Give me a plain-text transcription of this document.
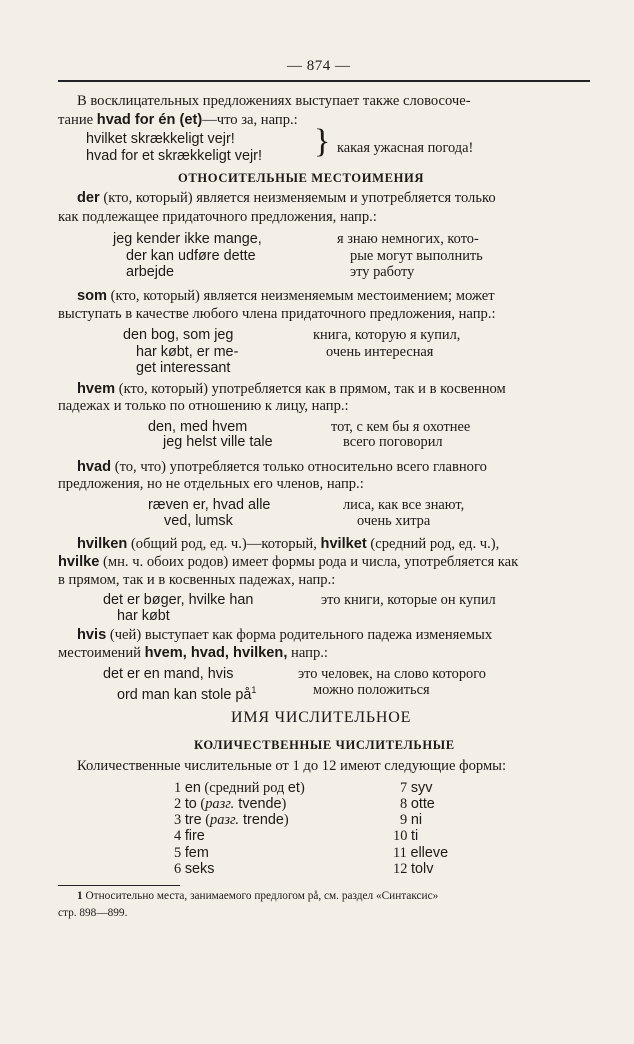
— 874 —
В восклицательных предложениях выступает также словосоче-
тание hvad for én (et)—что за, напр.:
hvilket skrækkeligt vejr!
hvad for et skrækkeligt vejr! } какая ужасная погода!
ОТНОСИТЕЛЬНЫЕ МЕСТОИМЕНИЯ
der (кто, который) является неизменяемым и употребляется только
как подлежащее придаточного предложения, напр.:
jeg kender ikke mange,
der kan udføre dette
arbejde
я знаю немногих, кото-
рые могут выполнить
эту работу
som (кто, который) является неизменяемым местоимением; может
выступать в качестве любого члена придаточного предложения, напр.:
den bog, som jeg
har købt, er me-
get interessant
книга, которую я купил,
очень интересная
hvem (кто, который) употребляется как в прямом, так и в косвенном
падежах и только по отношению к лицу, напр.:
den, med hvem
jeg helst ville tale
тот, с кем бы я охотнее
всего поговорил
hvad (то, что) употребляется только относительно всего главного
предложения, но не отдельных его членов, напр.:
ræven er, hvad alle
ved, lumsk
лиса, как все знают,
очень хитра
hvilken (общий род, ед. ч.)—который, hvilket (средний род, ед. ч.),
hvilke (мн. ч. обоих родов) имеет формы рода и числа, употребляется как
в прямом, так и в косвенных падежах, напр.:
det er bøger, hvilke han
har købt
это книги, которые он купил
hvis (чей) выступает как форма родительного падежа изменяемых
местоимений hvem, hvad, hvilken, напр.:
det er en mand, hvis
ord man kan stole $på^1$
это человек, на слово которого
можно положиться
ИМЯ ЧИСЛИТЕЛЬНОЕ
КОЛИЧЕСТВЕННЫЕ ЧИСЛИТЕЛЬНЫЕ
Количественные числительные от 1 до 12 имеют следующие формы:
1 en (средний род et)
2 to (разг. tvende)
3 tre (разг. trende)
4 fire
5 fem
6 seks
7 syv
8 otte
9 ni
10 ti
11 elleve
12 tolv
1 Относительно места, занимаемого предлогом på, см. раздел «Синтаксис»
стр. 898—899.
